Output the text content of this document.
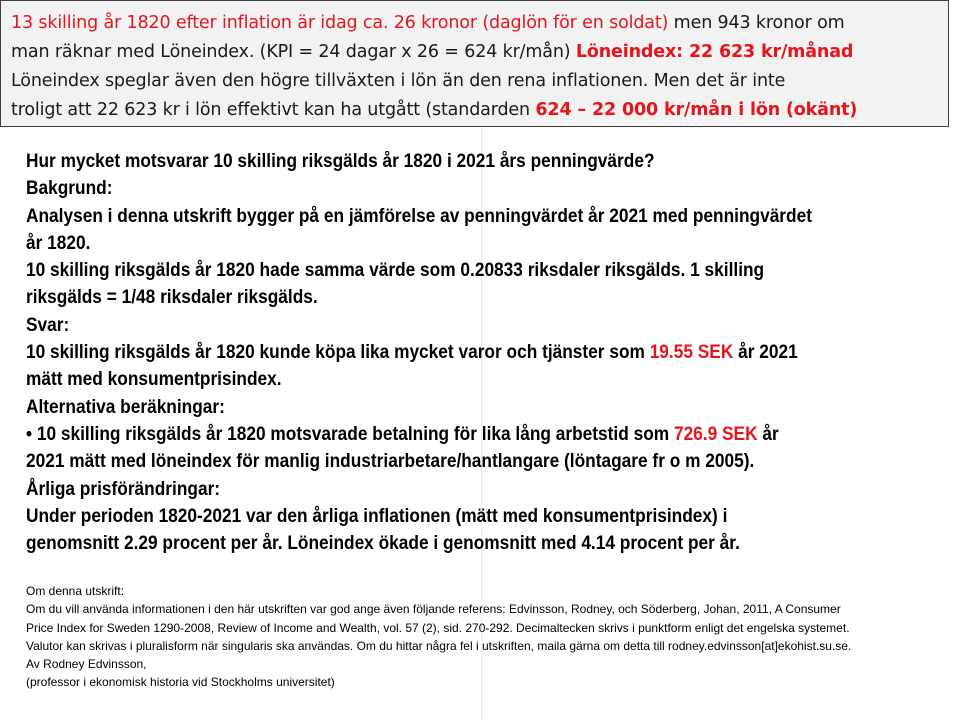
13 skilling år 1820 efter inflation är idag ca. 26 kronor (daglön för en soldat) men 943 kronor om
man räknar med Löneindex. (KPI = 24 dagar x 26 = 624 kr/mån) Löneindex: 22 623 kr/månad
Löneindex speglar även den högre tillväxten i lön än den rena inflationen. Men det är inte
troligt att 22 623 kr i lön effektivt kan ha utgått (standarden 624 – 22 000 kr/mån i lön (okänt)
Hur mycket motsvarar 10 skilling riksgälds år 1820 i 2021 års penningvärde?
Bakgrund:
Analysen i denna utskrift bygger på en jämförelse av penningvärdet år 2021 med penningvärdet
år 1820.
10 skilling riksgälds år 1820 hade samma värde som 0.20833 riksdaler riksgälds. 1 skilling
riksgälds = 1/48 riksdaler riksgälds.
Svar:
10 skilling riksgälds år 1820 kunde köpa lika mycket varor och tjänster som 19.55 SEK år 2021
mätt med konsumentprisindex.
Alternativa beräkningar:
• 10 skilling riksgälds år 1820 motsvarade betalning för lika lång arbetstid som 726.9 SEK år
2021 mätt med löneindex för manlig industriarbetare/hantlangare (löntagare fr o m 2005).
Årliga prisförändringar:
Under perioden 1820-2021 var den årliga inflationen (mätt med konsumentprisindex) i
genomsnitt 2.29 procent per år. Löneindex ökade i genomsnitt med 4.14 procent per år.
Om denna utskrift:
Om du vill använda informationen i den här utskriften var god ange även följande referens: Edvinsson, Rodney, och Söderberg, Johan, 2011, A Consumer
Price Index for Sweden 1290-2008, Review of Income and Wealth, vol. 57 (2), sid. 270-292. Decimaltecken skrivs i punktform enligt det engelska systemet.
Valutor kan skrivas i pluralisform när singularis ska användas. Om du hittar några fel i utskriften, maila gärna om detta till rodney.edvinsson[at]ekohist.su.se.
Av Rodney Edvinsson,
(professor i ekonomisk historia vid Stockholms universitet)
